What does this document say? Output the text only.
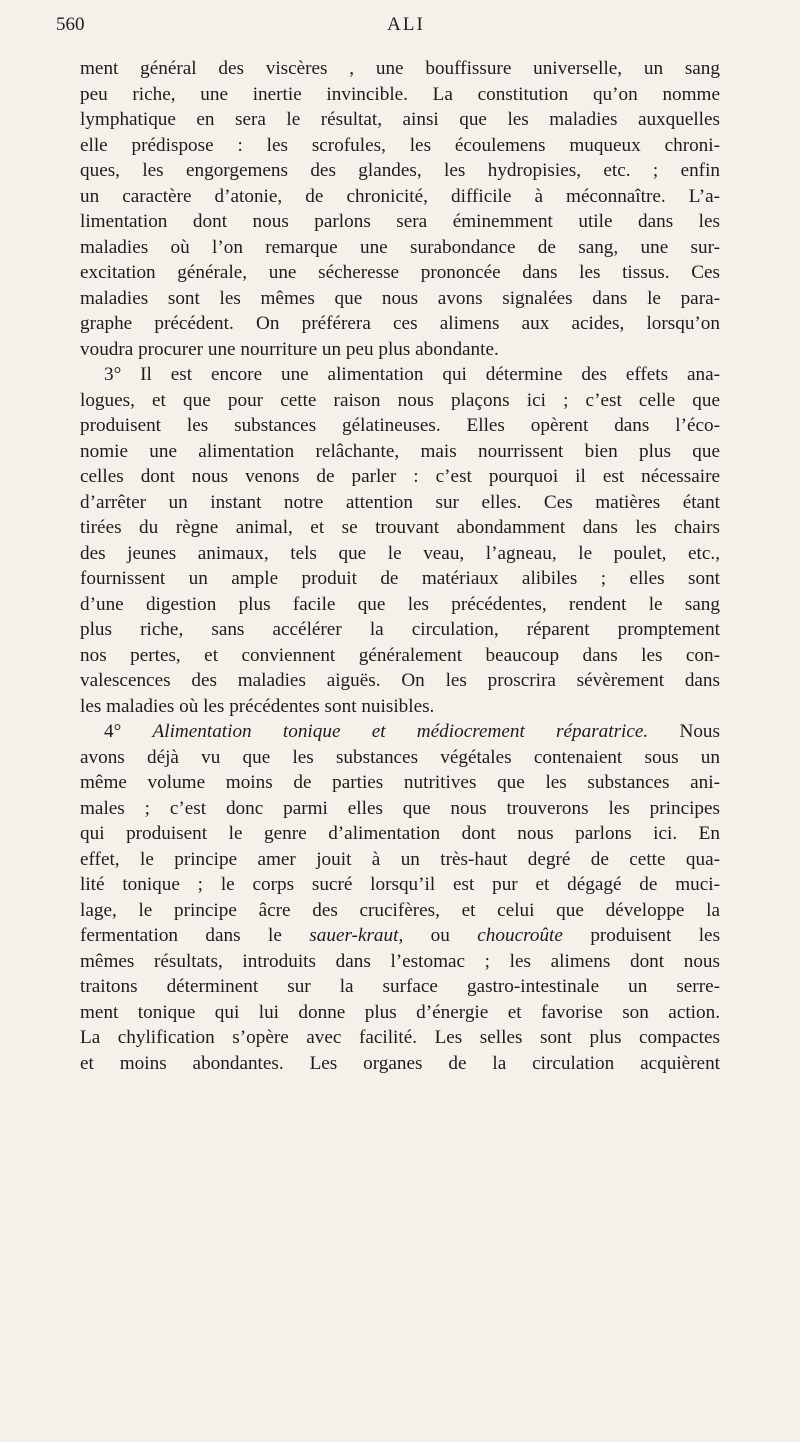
560	ALI
ment général des viscères , une bouffissure universelle, un sang
peu riche, une inertie invincible. La constitution qu’on nomme
lymphatique en sera le résultat, ainsi que les maladies auxquelles
elle prédispose : les scrofules, les écoulemens muqueux chroni-
ques, les engorgemens des glandes, les hydropisies, etc. ; enfin
un caractère d’atonie, de chronicité, difficile à méconnaître. L’a-
limentation dont nous parlons sera éminemment utile dans les
maladies où l’on remarque une surabondance de sang, une sur-
excitation générale, une sécheresse prononcée dans les tissus. Ces
maladies sont les mêmes que nous avons signalées dans le para-
graphe précédent. On préférera ces alimens aux acides, lorsqu’on
voudra procurer une nourriture un peu plus abondante.
3° Il est encore une alimentation qui détermine des effets ana-
logues, et que pour cette raison nous plaçons ici ; c’est celle que
produisent les substances gélatineuses. Elles opèrent dans l’éco-
nomie une alimentation relâchante, mais nourrissent bien plus que
celles dont nous venons de parler : c’est pourquoi il est nécessaire
d’arrêter un instant notre attention sur elles. Ces matières étant
tirées du règne animal, et se trouvant abondamment dans les chairs
des jeunes animaux, tels que le veau, l’agneau, le poulet, etc.,
fournissent un ample produit de matériaux alibiles ; elles sont
d’une digestion plus facile que les précédentes, rendent le sang
plus riche, sans accélérer la circulation, réparent promptement
nos pertes, et conviennent généralement beaucoup dans les con-
valescences des maladies aiguës. On les proscrira sévèrement dans
les maladies où les précédentes sont nuisibles.
4° Alimentation tonique et médiocrement réparatrice. Nous
avons déjà vu que les substances végétales contenaient sous un
même volume moins de parties nutritives que les substances ani-
males ; c’est donc parmi elles que nous trouverons les principes
qui produisent le genre d’alimentation dont nous parlons ici. En
effet, le principe amer jouit à un très-haut degré de cette qua-
lité tonique ; le corps sucré lorsqu’il est pur et dégagé de muci-
lage, le principe âcre des crucifères, et celui que développe la
fermentation dans le sauer-kraut, ou choucroûte produisent les
mêmes résultats, introduits dans l’estomac ; les alimens dont nous
traitons déterminent sur la surface gastro-intestinale un serre-
ment tonique qui lui donne plus d’énergie et favorise son action.
La chylification s’opère avec facilité. Les selles sont plus compactes
et moins abondantes. Les organes de la circulation acquièrent
